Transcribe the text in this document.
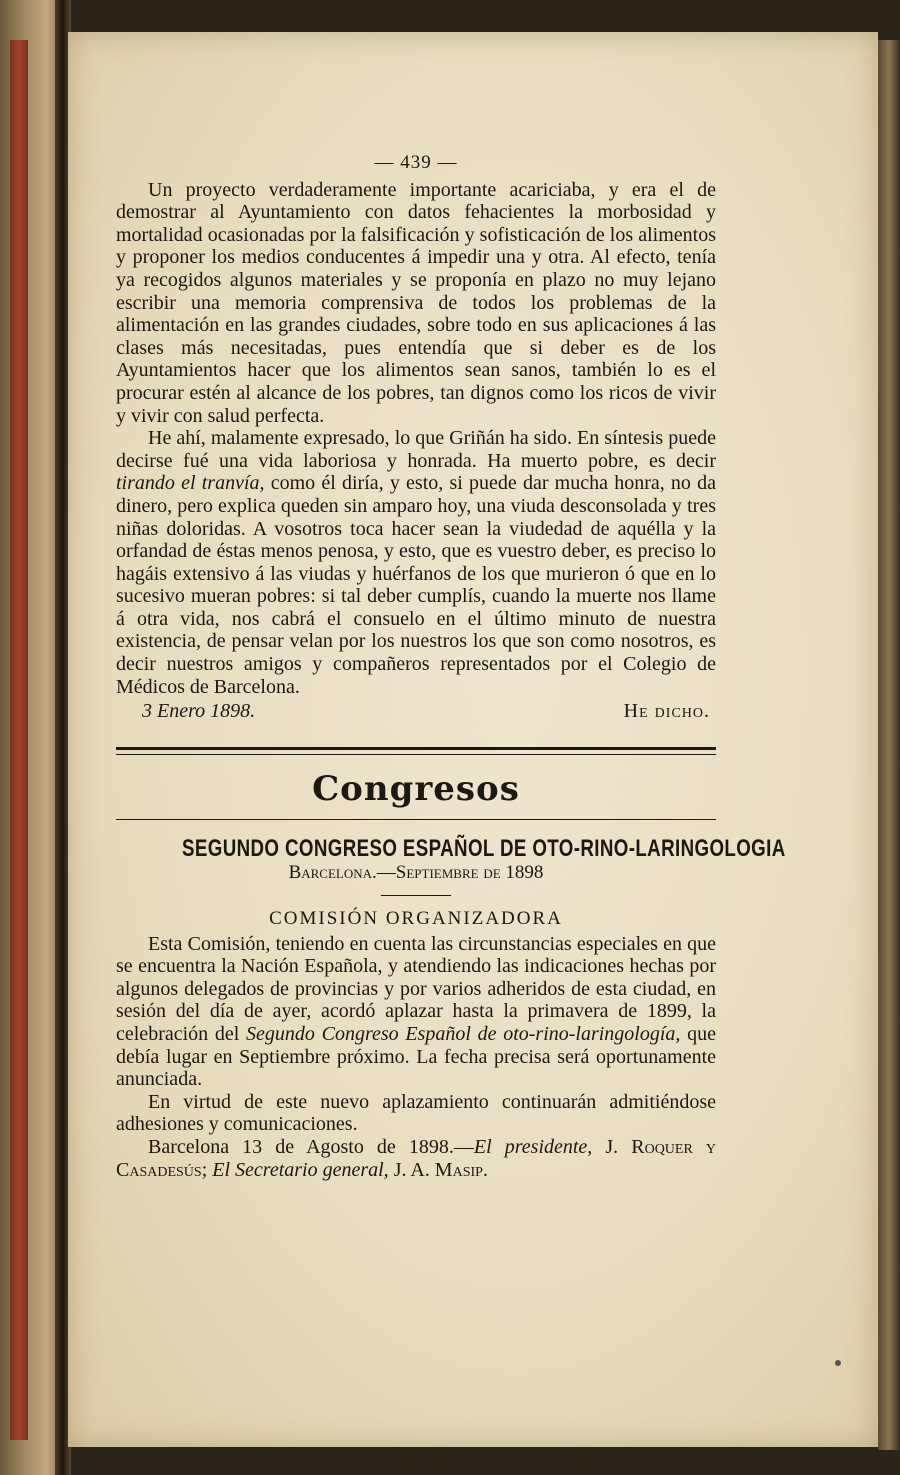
— 439 —

Un proyecto verdaderamente importante acariciaba, y era el de demostrar al Ayuntamiento con datos fehacientes la morbosidad y mortalidad ocasionadas por la falsificación y sofisticación de los alimentos y proponer los medios conducentes á impedir una y otra. Al efecto, tenía ya recogidos algunos materiales y se proponía en plazo no muy lejano escribir una memoria comprensiva de todos los problemas de la alimentación en las grandes ciudades, sobre todo en sus aplicaciones á las clases más necesitadas, pues entendía que si deber es de los Ayuntamientos hacer que los alimentos sean sanos, también lo es el procurar estén al alcance de los pobres, tan dignos como los ricos de vivir y vivir con salud perfecta.

He ahí, malamente expresado, lo que Griñán ha sido. En síntesis puede decirse fué una vida laboriosa y honrada. Ha muerto pobre, es decir tirando el tranvía, como él diría, y esto, si puede dar mucha honra, no da dinero, pero explica queden sin amparo hoy, una viuda desconsolada y tres niñas doloridas. A vosotros toca hacer sean la viudedad de aquélla y la orfandad de éstas menos penosa, y esto, que es vuestro deber, es preciso lo hagáis extensivo á las viudas y huérfanos de los que murieron ó que en lo sucesivo mueran pobres: si tal deber cumplís, cuando la muerte nos llame á otra vida, nos cabrá el consuelo en el último minuto de nuestra existencia, de pensar velan por los nuestros los que son como nosotros, es decir nuestros amigos y compañeros representados por el Colegio de Médicos de Barcelona.

3 Enero 1898.	He dicho.
Congresos
SEGUNDO CONGRESO ESPAÑOL DE OTO-RINO-LARINGOLOGIA
Barcelona.—Septiembre de 1898
COMISIÓN ORGANIZADORA

Esta Comisión, teniendo en cuenta las circunstancias especiales en que se encuentra la Nación Española, y atendiendo las indicaciones hechas por algunos delegados de provincias y por varios adheridos de esta ciudad, en sesión del día de ayer, acordó aplazar hasta la primavera de 1899, la celebración del Segundo Congreso Español de oto-rino-laringología, que debía lugar en Septiembre próximo. La fecha precisa será oportunamente anunciada.

En virtud de este nuevo aplazamiento continuarán admitiéndose adhesiones y comunicaciones.

Barcelona 13 de Agosto de 1898.—El presidente, J. Roquer y Casadesús; El Secretario general, J. A. Masip.
